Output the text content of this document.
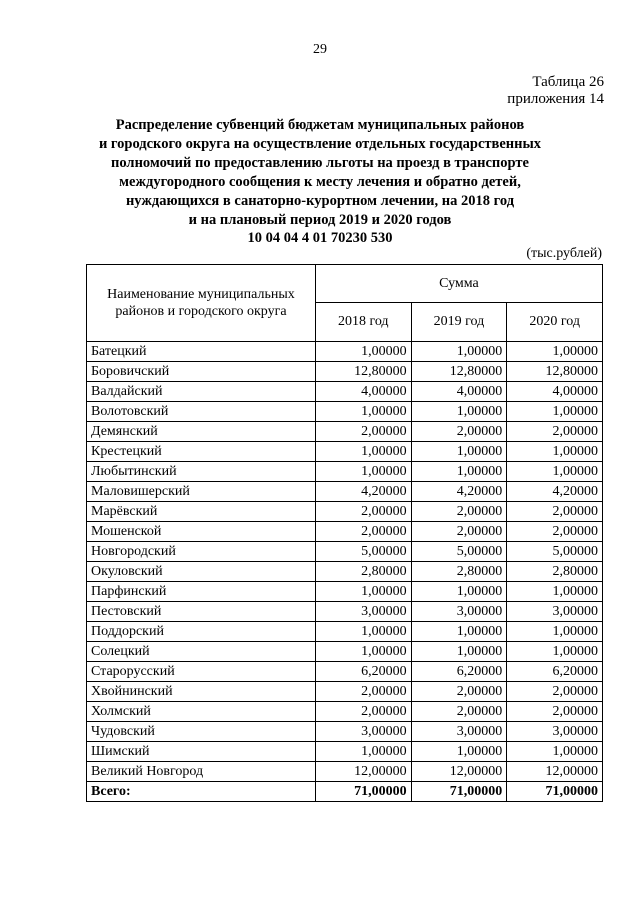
29
Таблица 26
приложения 14
Распределение субвенций бюджетам муниципальных районов
и городского округа на осуществление отдельных государственных
полномочий по предоставлению льготы на проезд в транспорте
междугородного сообщения к месту лечения и обратно детей,
нуждающихся в санаторно-курортном лечении, на 2018 год
и на плановый период 2019 и 2020 годов
10 04 04 4 01 70230 530
(тыс.рублей)
Наименование муниципальных районов и городского округа	Сумма		
	2018 год	2019 год	2020 год
Батецкий	1,00000	1,00000	1,00000
Боровичский	12,80000	12,80000	12,80000
Валдайский	4,00000	4,00000	4,00000
Волотовский	1,00000	1,00000	1,00000
Демянский	2,00000	2,00000	2,00000
Крестецкий	1,00000	1,00000	1,00000
Любытинский	1,00000	1,00000	1,00000
Маловишерский	4,20000	4,20000	4,20000
Марёвский	2,00000	2,00000	2,00000
Мошенской	2,00000	2,00000	2,00000
Новгородский	5,00000	5,00000	5,00000
Окуловский	2,80000	2,80000	2,80000
Парфинский	1,00000	1,00000	1,00000
Пестовский	3,00000	3,00000	3,00000
Поддорский	1,00000	1,00000	1,00000
Солецкий	1,00000	1,00000	1,00000
Старорусский	6,20000	6,20000	6,20000
Хвойнинский	2,00000	2,00000	2,00000
Холмский	2,00000	2,00000	2,00000
Чудовский	3,00000	3,00000	3,00000
Шимский	1,00000	1,00000	1,00000
Великий Новгород	12,00000	12,00000	12,00000
Всего:	71,00000	71,00000	71,00000
